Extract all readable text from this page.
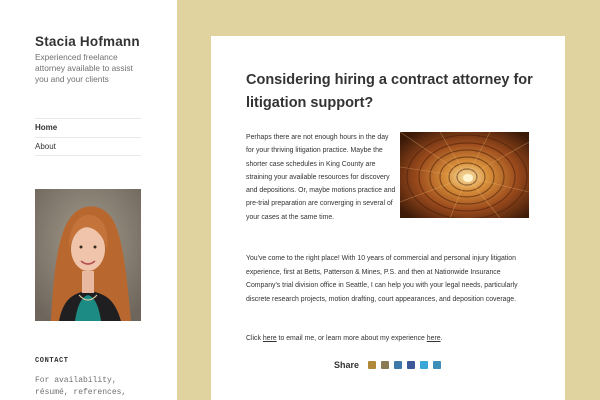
Stacia Hofmann
Experienced freelance attorney available to assist you and your clients
Home
About
CONTACT
For availability, résumé, references,
Considering hiring a contract attorney for litigation support?

Perhaps there are not enough hours in the day for your thriving litigation practice. Maybe the shorter case schedules in King County are straining your available resources for discovery and depositions. Or, maybe motions practice and pre-trial preparation are converging in several of your cases at the same time.

You've come to the right place! With 10 years of commercial and personal injury litigation experience, first at Betts, Patterson & Mines, P.S. and then at Nationwide Insurance Company's trial division office in Seattle, I can help you with your legal needs, particularly discrete research projects, motion drafting, court appearances, and deposition coverage.

Click here to email me, or learn more about my experience here.

Share
